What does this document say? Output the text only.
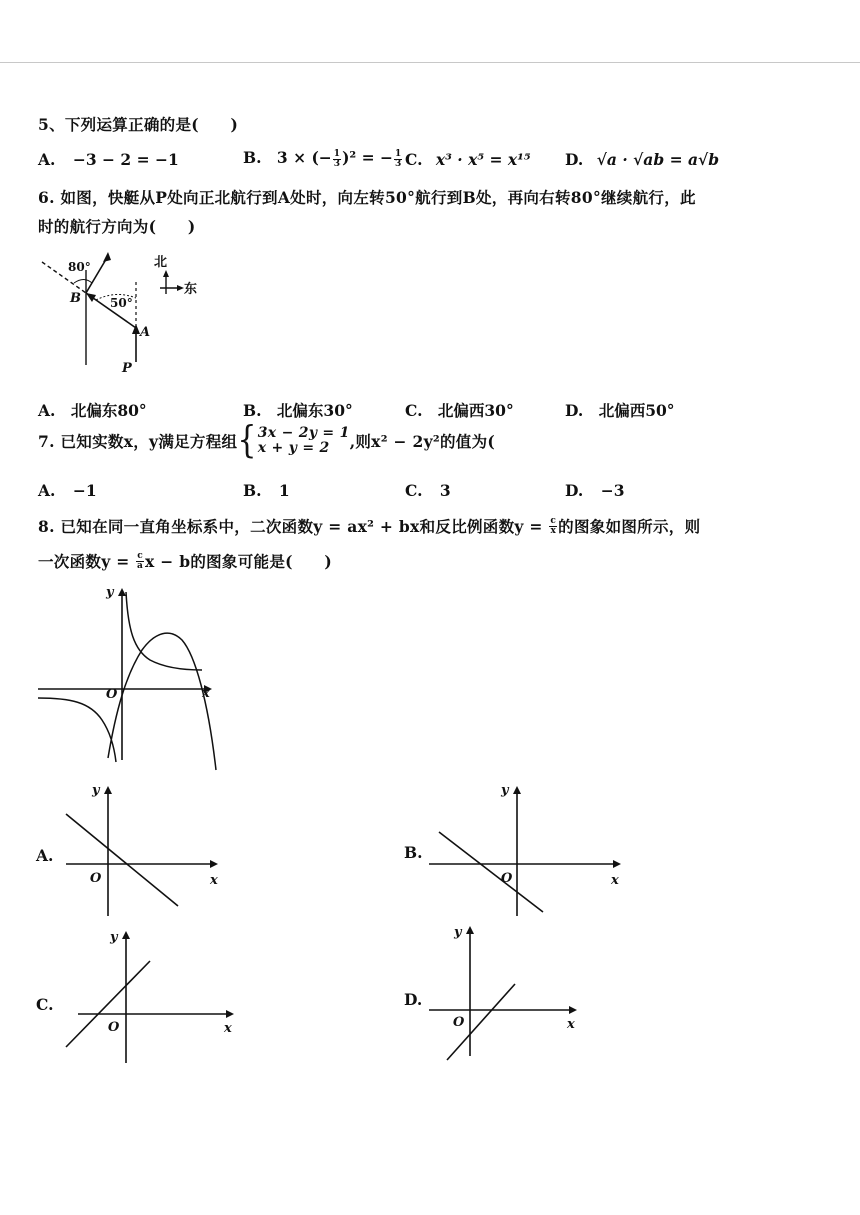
5、下列运算正确的是(　　)
A. −3 − 2 = −1	B. 3 × (− $\frac{1}{3} )^2$ = − $\frac{1}{3} C$. x³ · x⁵ = x¹⁵ D. √a · √ab = a√b
6. 如图，快艇从P处向正北航行到A处时，向左转50°航行到B处，再向右转80°继续航行，此
时的航行方向为(　　)
80°
50°
B
A
P
北
东
A. 北偏东80°	B. 北偏东30°	C. 北偏西30°	D. 北偏西50°
7. 已知实数x，y满足方程组{ 3x − 2y = 1
x + y = 2	,则x² − 2y²的值为(
A. −1	B. 1	C. 3	D. −3
8. 已知在同一直角坐标系中，二次函数y = ax² + bx和反比例函数$y = \frac{c}{x}$ 的图象如图所示，则
一次函数$y = \frac{c}{a}$ x − b的图象可能是(　　)
y
x
O
A.
y
x
O
B.
y
x
O
C.
y
x
O
D.
y
x
O
